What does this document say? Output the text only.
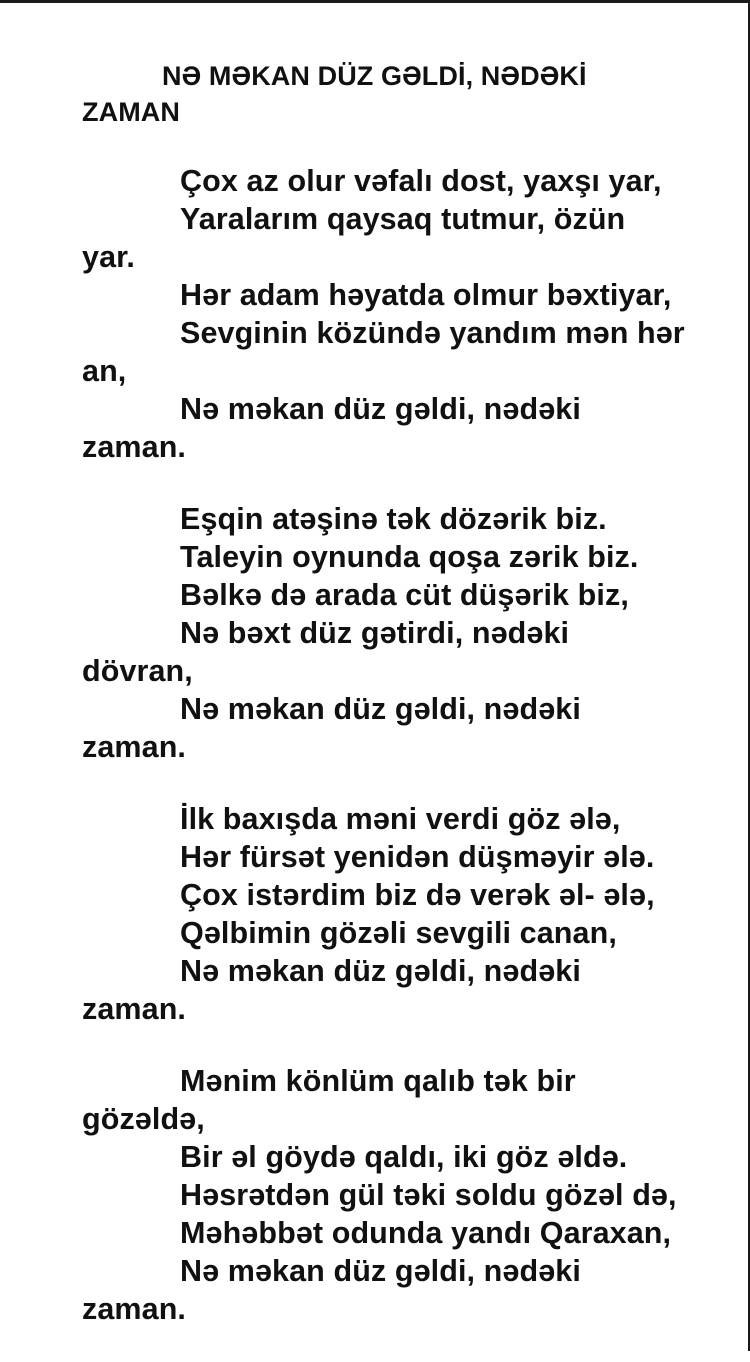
NƏ MƏKAN DÜZ GƏLDİ, NƏDƏKİ
ZAMAN
Çox az olur vəfalı dost, yaxşı yar,
Yaralarım qaysaq tutmur, özün
yar.
Hər adam həyatda olmur bəxtiyar,
Sevginin közündə yandım mən hər
an,
Nə məkan düz gəldi, nədəki
zaman.
Eşqin atəşinə tək dözərik biz.
Taleyin oynunda qoşa zərik biz.
Bəlkə də arada cüt düşərik biz,
Nə bəxt düz gətirdi, nədəki
dövran,
Nə məkan düz gəldi, nədəki
zaman.
İlk baxışda məni verdi göz ələ,
Hər fürsət yenidən düşməyir ələ.
Çox istərdim biz də verək əl- ələ,
Qəlbimin gözəli sevgili canan,
Nə məkan düz gəldi, nədəki
zaman.
Mənim könlüm qalıb tək bir
gözəldə,
Bir əl göydə qaldı, iki göz əldə.
Həsrətdən gül təki soldu gözəl də,
Məhəbbət odunda yandı Qaraxan,
Nə məkan düz gəldi, nədəki
zaman.
